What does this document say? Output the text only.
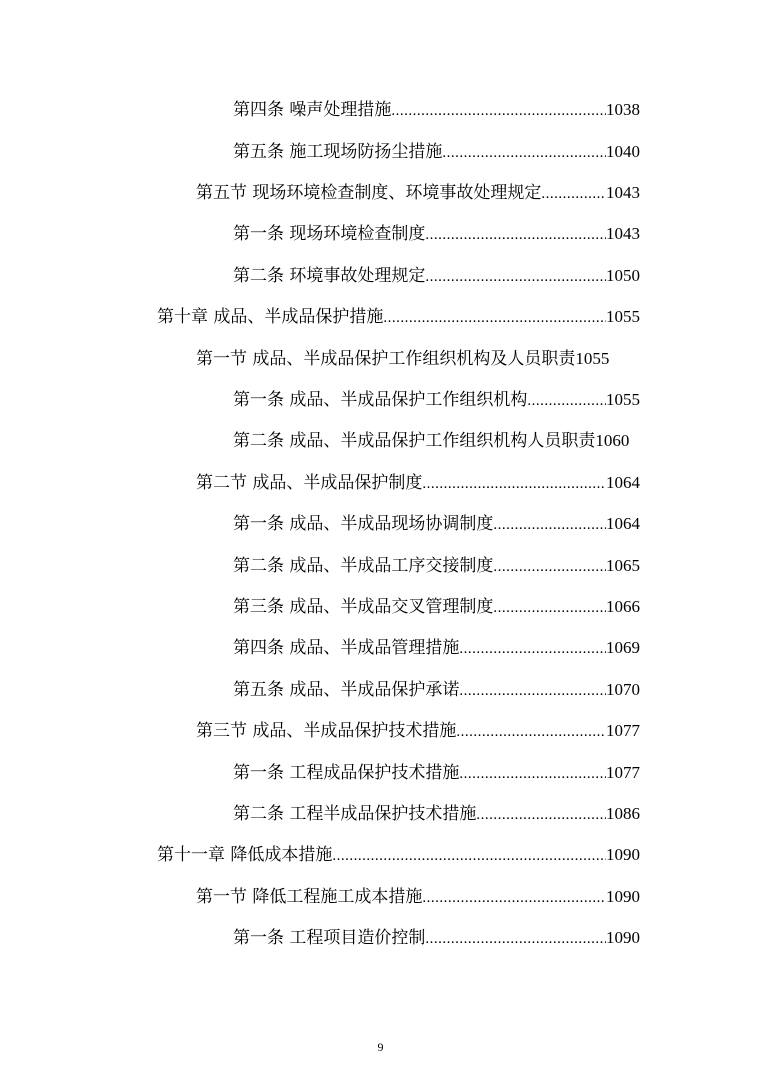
第四条 噪声处理措施 .....	1038
第五条 施工现场防扬尘措施 .....	1040
第五节 现场环境检查制度、环境事故处理规定 .....	1043
第一条 现场环境检查制度 .....	1043
第二条 环境事故处理规定 .....	1050
第十章 成品、半成品保护措施 .....	1055
第一节 成品、半成品保护工作组织机构及人员职责 1055
第一条 成品、半成品保护工作组织机构 .....	1055
第二条 成品、半成品保护工作组织机构人员职责 1060
第二节 成品、半成品保护制度 .....	1064
第一条 成品、半成品现场协调制度 .....	1064
第二条 成品、半成品工序交接制度 .....	1065
第三条 成品、半成品交叉管理制度 .....	1066
第四条 成品、半成品管理措施 .....	1069
第五条 成品、半成品保护承诺 .....	1070
第三节 成品、半成品保护技术措施 .....	1077
第一条 工程成品保护技术措施 .....	1077
第二条 工程半成品保护技术措施 .....	1086
第十一章 降低成本措施 .....	1090
第一节 降低工程施工成本措施 .....	1090
第一条 工程项目造价控制 .....	1090
9
